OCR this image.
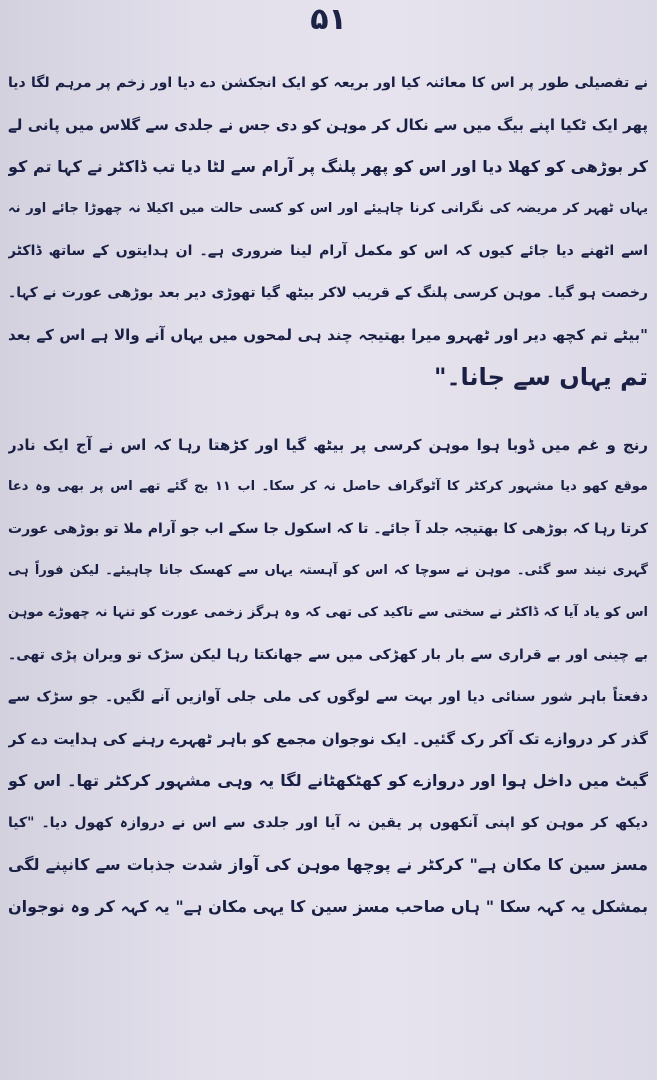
۵۱
نے تفصیلی طور پر اس کا معائنہ کیا اور بریعہ کو ایک انجکشن دے دیا اور زخم پر مرہم لگا دیا
پھر ایک ٹکیا اپنے بیگ میں سے نکال کر موہن کو دی جس نے جلدی سے گلاس میں پانی لے
کر بوڑھی کو کھلا دیا اور اس کو پھر پلنگ پر آرام سے لٹا دیا تب ڈاکٹر نے کہا تم کو
یہاں ٹھہر کر مریضہ کی نگرانی کرنا چاہیئے اور اس کو کسی حالت میں اکیلا نہ چھوڑا جائے اور نہ
اسے اٹھنے دیا جائے کیوں کہ اس کو مکمل آرام لینا ضروری ہے۔ ان ہدایتوں کے ساتھ ڈاکٹر
رخصت ہو گیا۔ موہن کرسی پلنگ کے قریب لاکر بیٹھ گیا تھوڑی دیر بعد بوڑھی عورت نے کہا۔
"بیٹے تم کچھ دیر اور ٹھہرو میرا بھتیجہ چند ہی لمحوں میں یہاں آنے والا ہے اس کے بعد
تم یہاں سے جانا۔"
رنج و غم میں ڈوبا ہوا موہن کرسی پر بیٹھ گیا اور کڑھتا رہا کہ اس نے آج ایک نادر
موقع کھو دیا مشہور کرکٹر کا آٹوگراف حاصل نہ کر سکا۔ اب ۱۱ بج گئے تھے اس پر بھی وہ دعا
کرتا رہا کہ بوڑھی کا بھتیجہ جلد آ جائے۔ تا کہ اسکول جا سکے اب جو آرام ملا تو بوڑھی عورت
گہری نیند سو گئی۔ موہن نے سوچا کہ اس کو آہستہ یہاں سے کھسک جانا چاہیئے۔ لیکن فوراً ہی
اس کو یاد آیا کہ ڈاکٹر نے سختی سے تاکید کی تھی کہ وہ ہرگز زخمی عورت کو تنہا نہ چھوڑے موہن
بے چینی اور بے قراری سے بار بار کھڑکی میں سے جھانکتا رہا لیکن سڑک تو ویران پڑی تھی۔
دفعتاً باہر شور سنائی دیا اور بہت سے لوگوں کی ملی جلی آوازیں آنے لگیں۔ جو سڑک سے
گذر کر دروازے تک آکر رک گئیں۔ ایک نوجوان مجمع کو باہر ٹھہرے رہنے کی ہدایت دے کر
گیٹ میں داخل ہوا اور دروازے کو کھٹکھٹانے لگا یہ وہی مشہور کرکٹر تھا۔ اس کو
دیکھ کر موہن کو اپنی آنکھوں پر یقین نہ آیا اور جلدی سے اس نے دروازہ کھول دیا۔ "کیا
مسز سین کا مکان ہے" کرکٹر نے پوچھا موہن کی آواز شدت جذبات سے کانپنے لگی
بمشکل یہ کہہ سکا " ہاں صاحب مسز سین کا یہی مکان ہے" یہ کہہ کر وہ نوجوان
